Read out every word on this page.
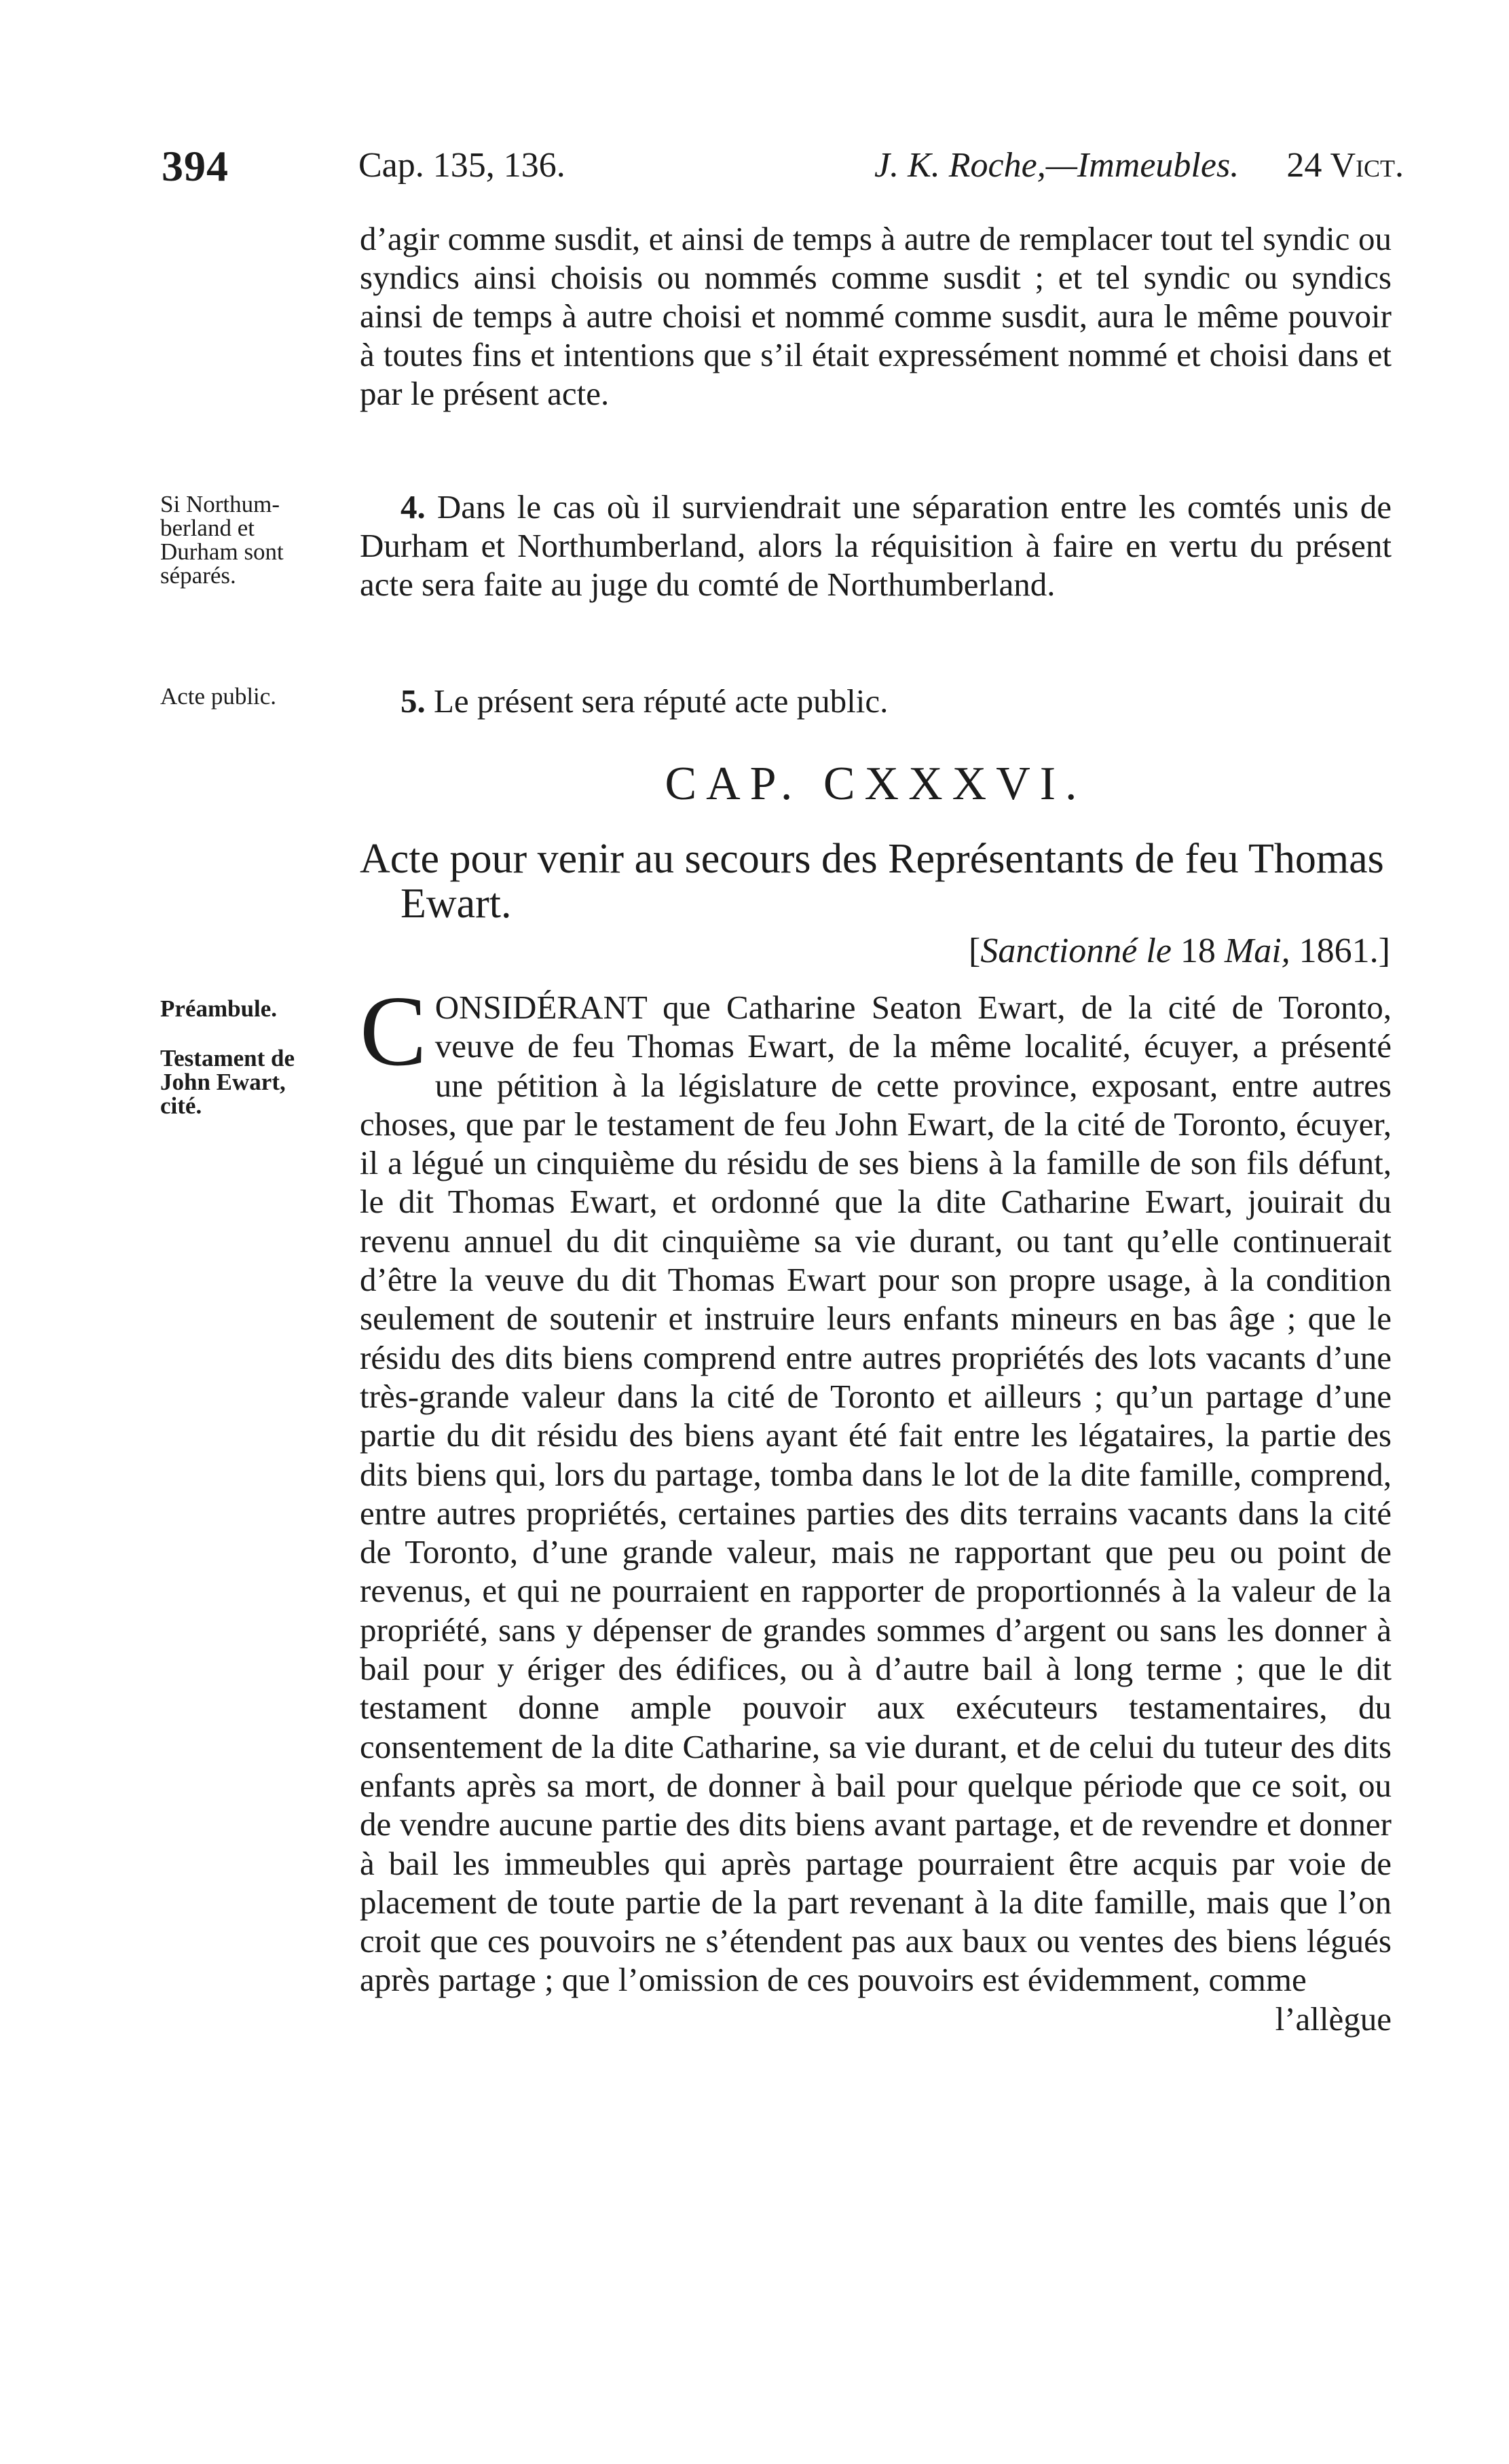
394	Cap. 135, 136.	J. K. Roche,—Immeubles. 24 Vict.

d’agir comme susdit, et ainsi de temps à autre de remplacer tout tel syndic ou syndics ainsi choisis ou nommés comme susdit ; et tel syndic ou syndics ainsi de temps à autre choisi et nommé comme susdit, aura le même pouvoir à toutes fins et intentions que s’il était expressément nommé et choisi dans et par le présent acte.

Si Northum-
berland et
Durham sont
séparés.

4. Dans le cas où il surviendrait une séparation entre les comtés unis de Durham et Northumberland, alors la réquisition à faire en vertu du présent acte sera faite au juge du comté de Northumberland.

Acte public.	5. Le présent sera réputé acte public.

CAP. CXXXVI.
Acte pour venir au secours des Représentants de feu Thomas Ewart.
[Sanctionné le 18 Mai, 1861.]
Préambule.
Testament de
John Ewart,
cité.
CONSIDÉRANT que Catharine Seaton Ewart, de la cité de Toronto, veuve de feu Thomas Ewart, de la même localité, écuyer, a présenté une pétition à la législature de cette province, exposant, entre autres choses, que par le testament de feu John Ewart, de la cité de Toronto, écuyer, il a légué un cinquième du résidu de ses biens à la famille de son fils défunt, le dit Thomas Ewart, et ordonné que la dite Catharine Ewart, jouirait du revenu annuel du dit cinquième sa vie durant, ou tant qu’elle continuerait d’être la veuve du dit Thomas Ewart pour son propre usage, à la condition seulement de soutenir et instruire leurs enfants mineurs en bas âge ; que le résidu des dits biens comprend entre autres propriétés des lots vacants d’une très-grande valeur dans la cité de Toronto et ailleurs ; qu’un partage d’une partie du dit résidu des biens ayant été fait entre les légataires, la partie des dits biens qui, lors du partage, tomba dans le lot de la dite famille, comprend, entre autres propriétés, certaines parties des dits terrains vacants dans la cité de Toronto, d’une grande valeur, mais ne rapportant que peu ou point de revenus, et qui ne pourraient en rapporter de proportionnés à la valeur de la propriété, sans y dépenser de grandes sommes d’argent ou sans les donner à bail pour y ériger des édifices, ou à d’autre bail à long terme ; que le dit testament donne ample pouvoir aux exécuteurs testamentaires, du consentement de la dite Catharine, sa vie durant, et de celui du tuteur des dits enfants après sa mort, de donner à bail pour quelque période que ce soit, ou de vendre aucune partie des dits biens avant partage, et de revendre et donner à bail les immeubles qui après partage pourraient être acquis par voie de placement de toute partie de la part revenant à la dite famille, mais que l’on croit que ces pouvoirs ne s’étendent pas aux baux ou ventes des biens légués après partage ; que l’omission de ces pouvoirs est évidemment, comme
l’allègue
